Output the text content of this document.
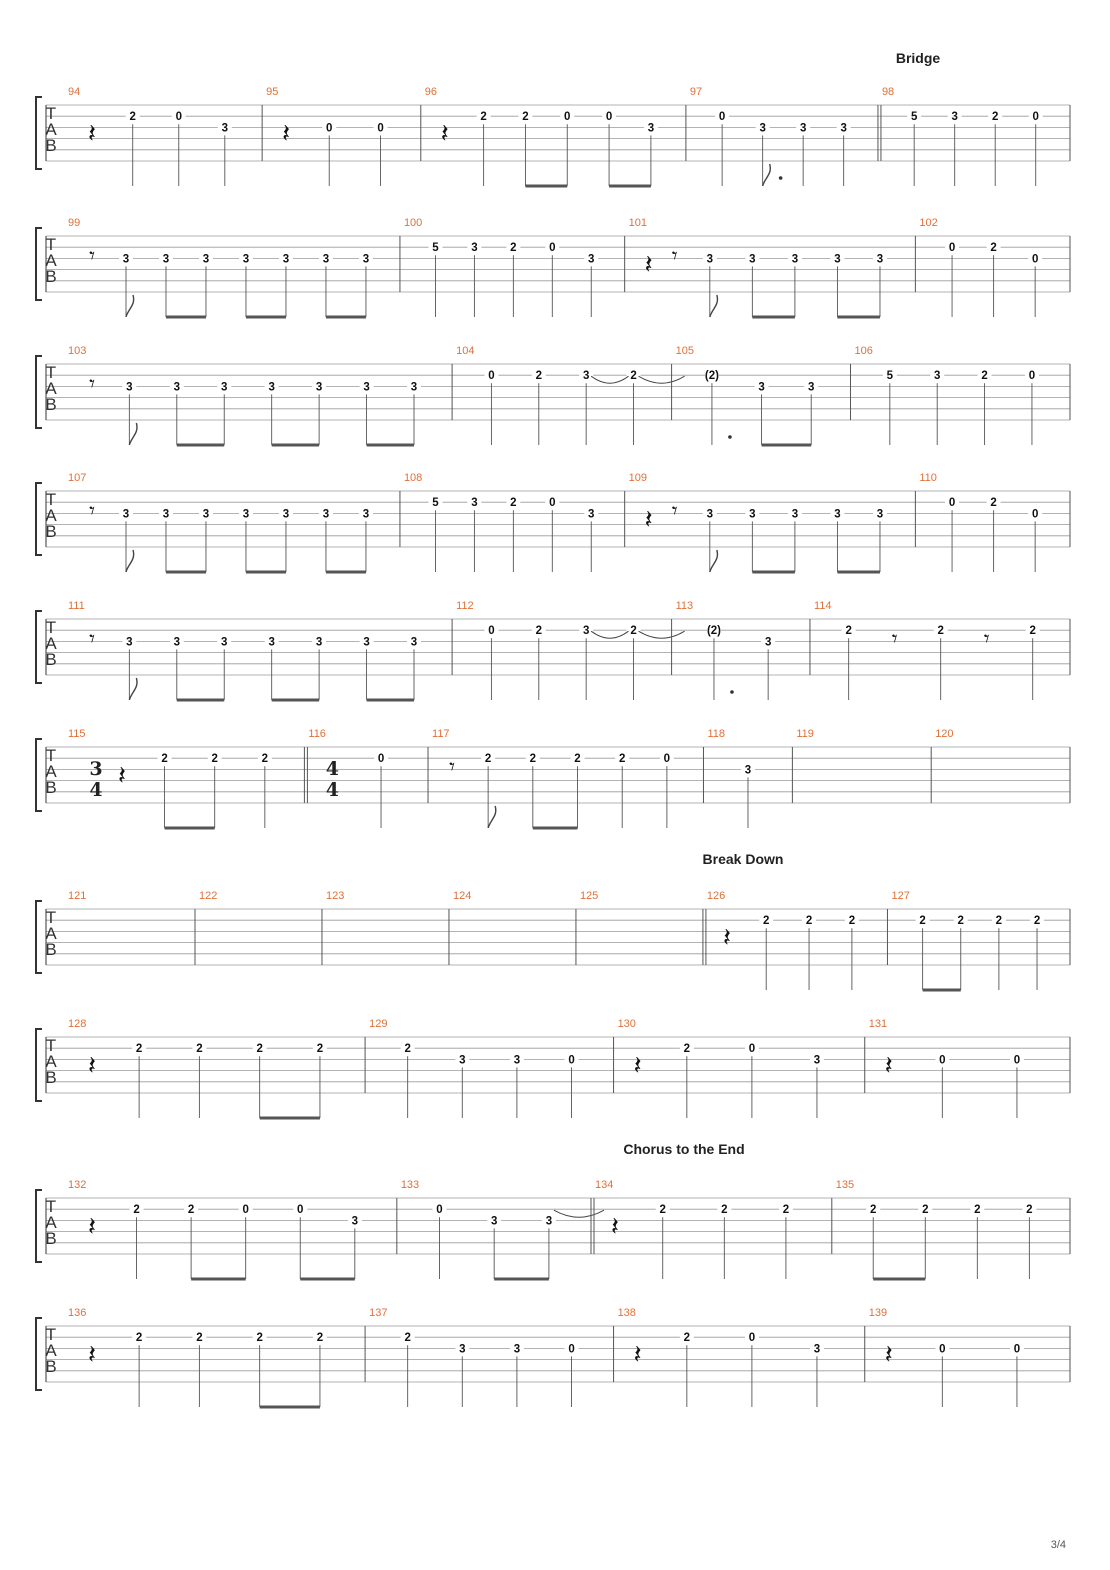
Bridge
Break Down
Chorus to the End
T
A
B
94
𝄽
2	0
3
95
𝄽	0	0
96
𝄽
2	2	0	0
3
97
0
3	3	3
98
5	3	2	0
T
A
B
99
𝄾 3	3	3	3	3	3	3
100
5	3	2	0
3
101
𝄽 𝄾	3	3	3	3	3
102
0	2
0
T
A
B
103
𝄾	3	3	3	3	3	3	3
104
0	2	3	2
105
(2)
3	3
106
5	3	2	0
T
A
B
107
𝄾 3	3	3	3	3	3	3
108
5	3	2	0
3
109
𝄽 𝄾	3	3	3	3	3
110
0	2
0
T
A
B
111
𝄾	3	3	3	3	3	3	3
112
0	2	3	2
113
(2)
3
114
2 𝄾	2 𝄾	2
T
A
B
115
3
4 𝄽
2	2	2
116
4
4
0
117
𝄾	2	2	2	2	0
118
3
119	120
T
A
B
121	122	123	124	125	126
𝄽
2	2	2
127
2	2	2	2
T
A
B
128
𝄽
2	2	2	2
129
2
3	3	0
130
𝄽
2	0
3
131
𝄽	0	0
T
A
B
132
𝄽
2	2	0	0
3
133
0
3	3
134
𝄽
2	2	2
135
2	2	2	2
T
A
B
136
𝄽
2	2	2	2
137
2
3	3	0
138
𝄽
2	0
3
139
𝄽	0	0
3/4
